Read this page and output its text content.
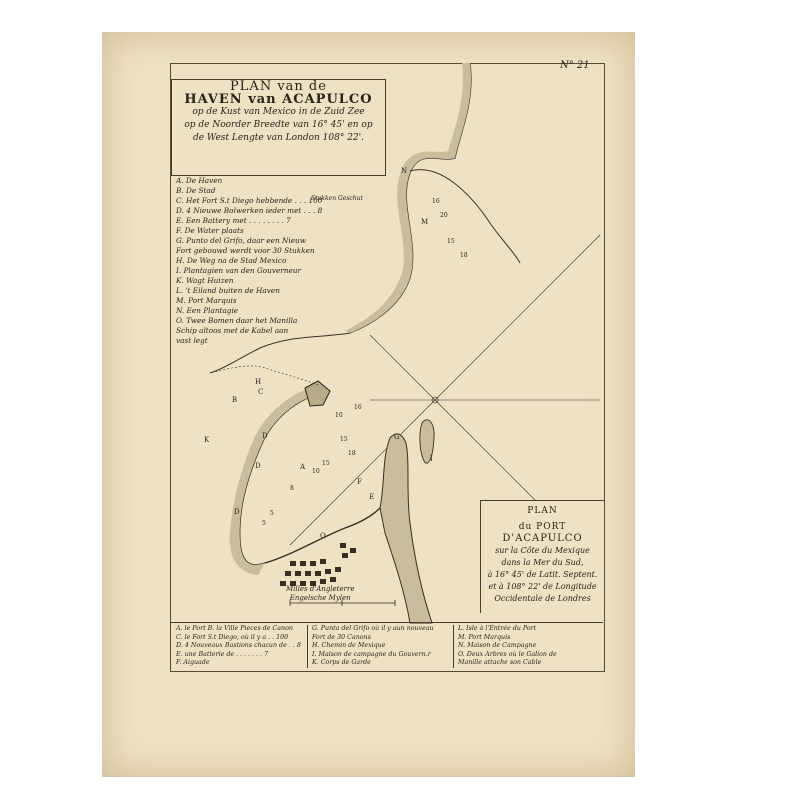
N° 21
C
H
A
D
D
D
F
E
G
I
K
B
M
N
O
16
10
15
18
15
16
20
15
10
8
5
5
18
PLAN van de
HAVEN van ACAPULCO
op de Kust van Mexico in de Zuid Zee
op de Noorder Breedte van 16° 45' en op
de West Lengte van London 108° 22'.
Stukken Geschut
A. De Haven
B. De Stad
C. Het Fort S.t Diego hebbende . . . 100
D. 4 Nieuwe Bolwerken ieder met . . . 8
E. Een Battery met . . . . . . . . 7
F. De Water plaats
G. Punto del Grifo, daar een Nieuw
Fort gebouwd werdt voor 30 Stukken
H. De Weg na de Stad Mexico
I. Plantagien van den Gouverneur
K. Wagt Huizen
L. 't Eiland buiten de Haven
M. Port Marquis
N. Een Plantagie
O. Twee Bomen daar het Manilla
Schip altoos met de Kabel aan
vast legt
PLAN
du PORT
D'ACAPULCO
sur la Côte du Mexique
dans la Mer du Sud,
à 16° 45' de Latit. Septent.
et à 108° 22' de Longitude
Occidentale de Londres
Milles d'Angleterre
Engelsche Mylen
A. le Port B. la Ville Pieces de Canon
C. le Fort S.t Diego, où il y a . . 100
D. 4 Nouveaux Bastions chacun de . . 8
E. une Batterie de . . . . . . . 7
F. Aiguade
G. Punta del Grifo où il y aun nouveau
Fort de 30 Canons
H. Chemin de Mexique
I. Maison de campagne du Gouvern.r
K. Corps de Garde
L. Isle à l'Entrée du Port
M. Port Marquis
N. Maison de Campagne
O. Deux Arbres où le Galion de
Manille attache son Cable
